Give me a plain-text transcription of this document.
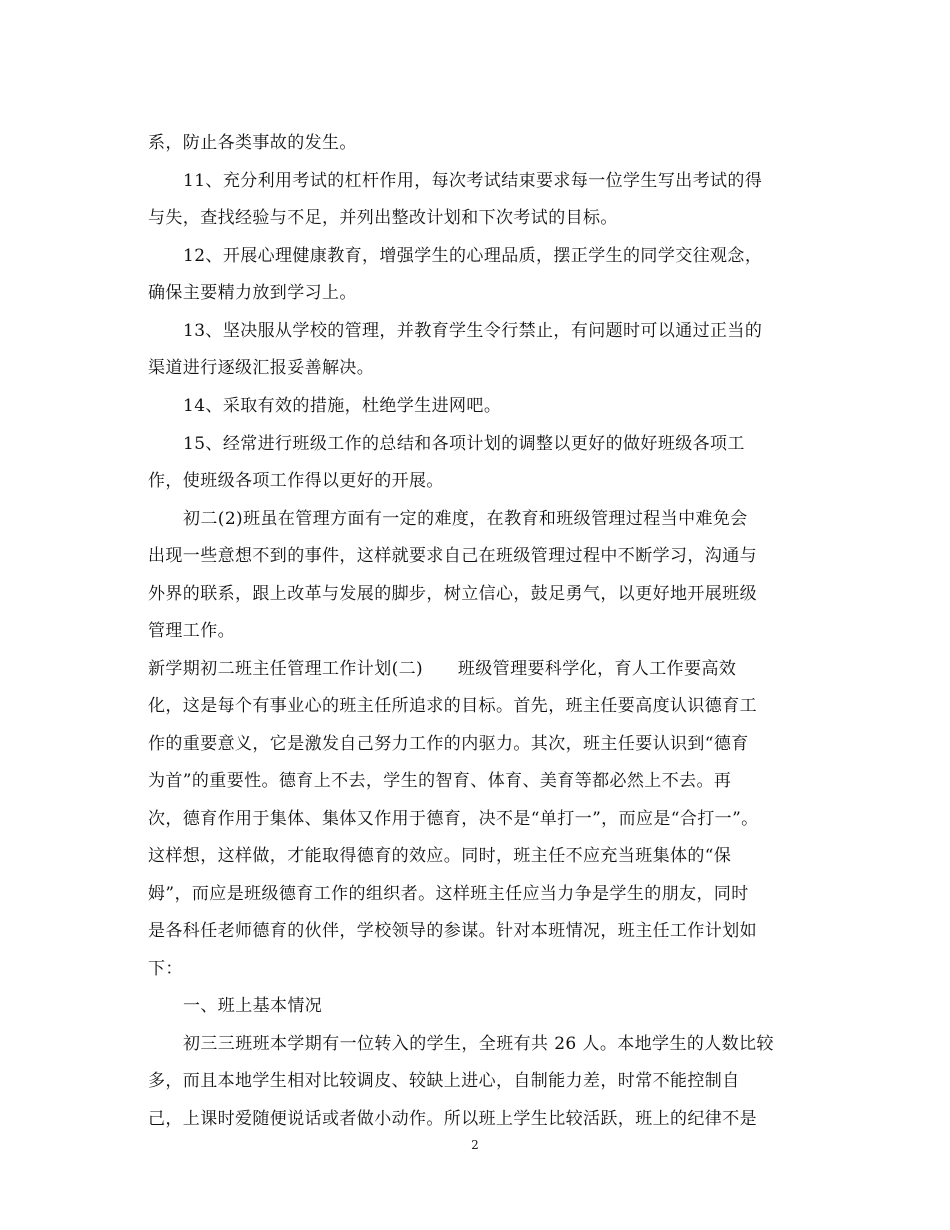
系，防止各类事故的发生。
11、充分利用考试的杠杆作用，每次考试结束要求每一位学生写出考试的得
与失，查找经验与不足，并列出整改计划和下次考试的目标。
12、开展心理健康教育，增强学生的心理品质，摆正学生的同学交往观念，
确保主要精力放到学习上。
13、坚决服从学校的管理，并教育学生令行禁止，有问题时可以通过正当的
渠道进行逐级汇报妥善解决。
14、采取有效的措施，杜绝学生进网吧。
15、经常进行班级工作的总结和各项计划的调整以更好的做好班级各项工
作，使班级各项工作得以更好的开展。
初二(2)班虽在管理方面有一定的难度，在教育和班级管理过程当中难免会
出现一些意想不到的事件，这样就要求自己在班级管理过程中不断学习，沟通与
外界的联系，跟上改革与发展的脚步，树立信心，鼓足勇气，以更好地开展班级
管理工作。
新学期初二班主任管理工作计划(二)　　班级管理要科学化，育人工作要高效
化，这是每个有事业心的班主任所追求的目标。首先，班主任要高度认识德育工
作的重要意义，它是激发自己努力工作的内驱力。其次，班主任要认识到“德育
为首”的重要性。德育上不去，学生的智育、体育、美育等都必然上不去。再
次，德育作用于集体、集体又作用于德育，决不是“单打一”，而应是“合打一”。
这样想，这样做，才能取得德育的效应。同时，班主任不应充当班集体的“保
姆”，而应是班级德育工作的组织者。这样班主任应当力争是学生的朋友，同时
是各科任老师德育的伙伴，学校领导的参谋。针对本班情况，班主任工作计划如
下：
一、班上基本情况
初三三班班本学期有一位转入的学生，全班有共 26 人。本地学生的人数比较
多，而且本地学生相对比较调皮、较缺上进心，自制能力差，时常不能控制自
己，上课时爱随便说话或者做小动作。所以班上学生比较活跃，班上的纪律不是
2
